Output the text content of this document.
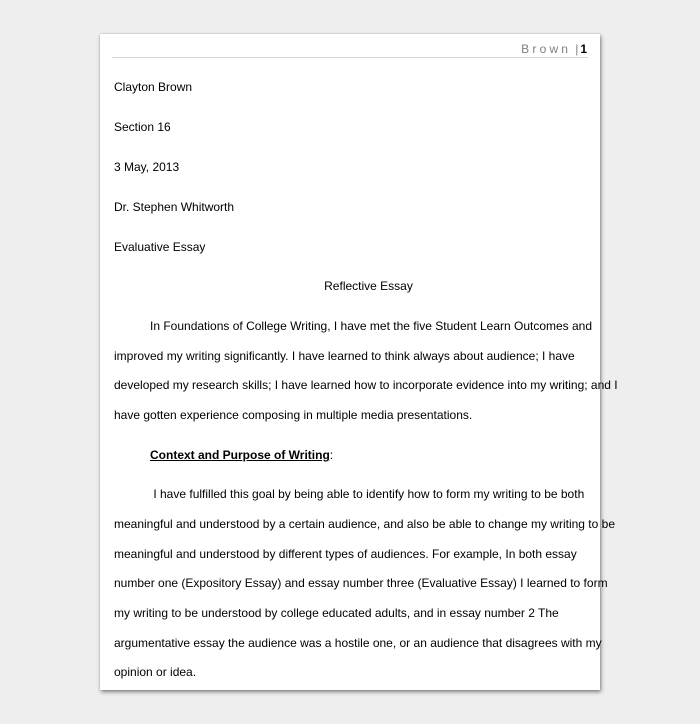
Brown | 1
Clayton Brown
Section 16
3 May, 2013
Dr. Stephen Whitworth
Evaluative Essay
Reflective Essay
In Foundations of College Writing, I have met the five Student Learn Outcomes and
improved my writing significantly. I have learned to think always about audience; I have
developed my research skills; I have learned how to incorporate evidence into my writing; and I
have gotten experience composing in multiple media presentations.
Context and Purpose of Writing:
I have fulfilled this goal by being able to identify how to form my writing to be both
meaningful and understood by a certain audience, and also be able to change my writing to be
meaningful and understood by different types of audiences. For example, In both essay
number one (Expository Essay) and essay number three (Evaluative Essay) I learned to form
my writing to be understood by college educated adults, and in essay number 2 The
argumentative essay the audience was a hostile one, or an audience that disagrees with my
opinion or idea.
